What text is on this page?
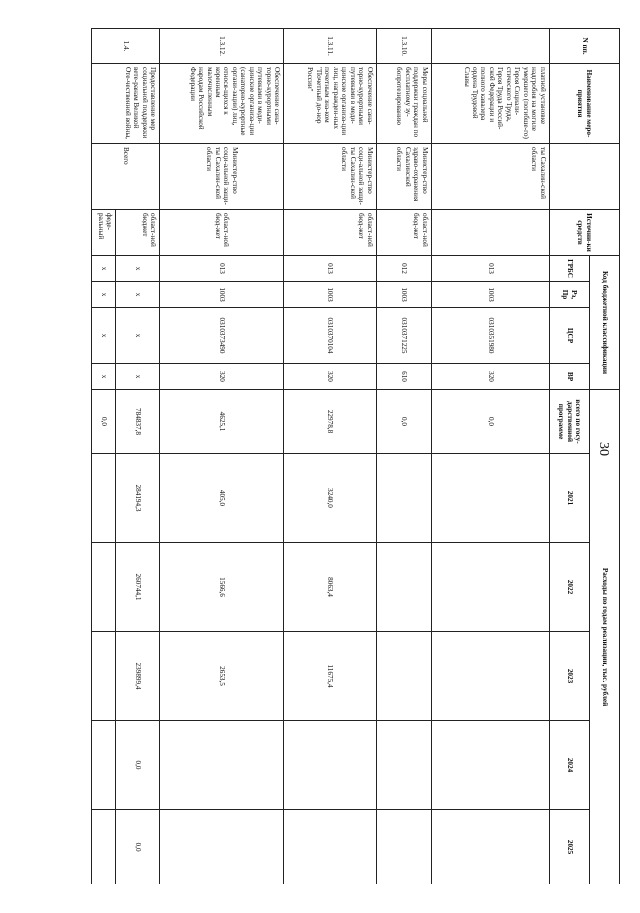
30
N пп.	Наименование меро-приятия		Источни-ки средств	Код бюджетной классификации				Расходы по годам реализации, тыс. рублей					
				ГРБС	Рз, Пр	ЦСР	ВР	всего по госу-дарственной программе	2021	2022	2023	2024	2025
	платной установке надгробия на могиле умершего (погибше-го) Героя Социали-стического Труда, Героя Труда Россий-ской Федерации и полного кавалера ордена Трудовой Славы	ты Сахалин-ской области		013	1003	0310351980	320	0,0					
1.3.10.	Меры социальной поддержки граждан по бесплатному зу-бопротезированию	Министер-ство здраво-охранения Сахалинской области	област-ной бюд-жет	012	1003	0310371225	610	0,0					
1.3.11.	Обеспечение сана-торно-курортными путевками в меди-цинские организа-ции лиц, награжден-ных почетным зна-ком "Почетный до-нор России"	Министер-ство соци-альной защи-ты Сахалин-ской области	област-ной бюд-жет	013	1003	0310370104	320	22978,8	3240,0	8063,4	11675,4		
1.3.12.	Обеспечение сана-торно-курортными путевками в меди-цинские организа-ции (санаторно-курортные органи-зации) лиц, относя-щихся к коренным малочисленным народам Российской Федерации	Министер-ство соци-альной защи-ты Сахалин-ской области	област-ной бюд-жет	013	1003	0310373490	320	4625,1	405,0	1566,6	2653,5		
1.4.	Предоставление мер социальной поддержки вете-ранам Великой Оте-чественной войны,	Всего	област-ной бюджет	х	х	х	х	784837,8	284194,3	260744,1	239899,4	0,0	0,0
			феде-ральный	х	х	х	х	0,0					
